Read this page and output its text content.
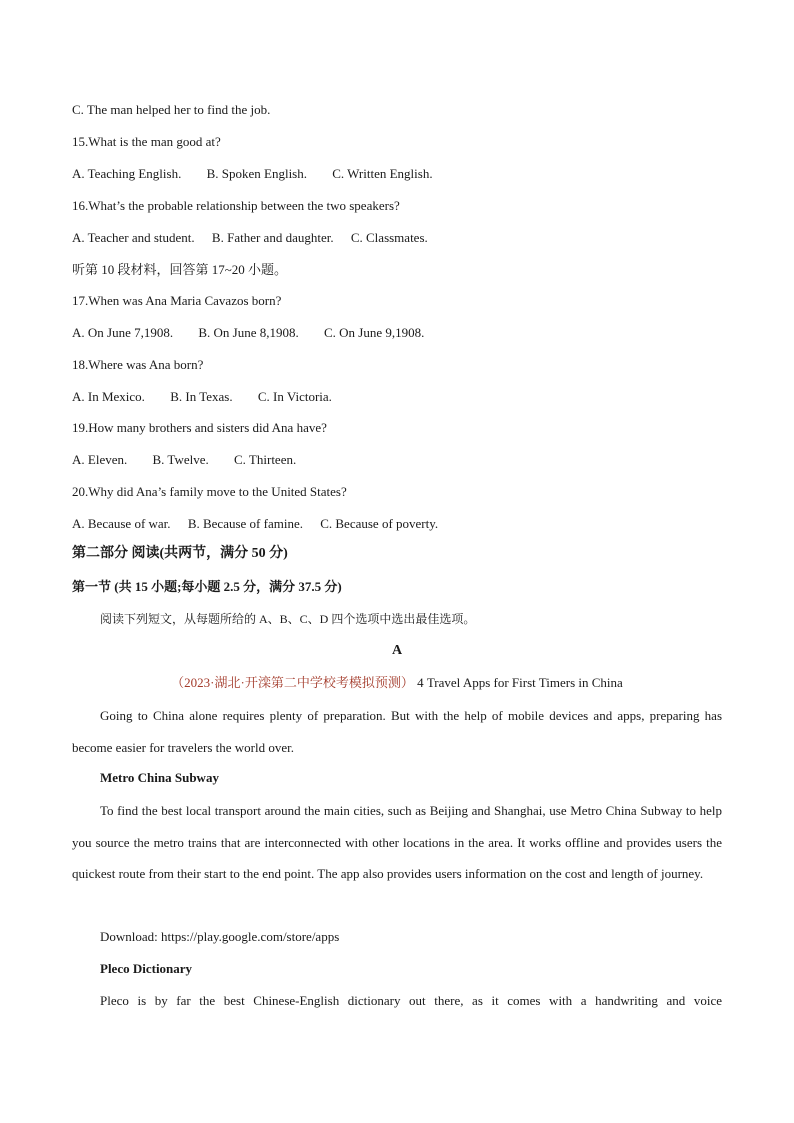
C. The man helped her to find the job.
15.What is the man good at?
A. Teaching English. B. Spoken English. C. Written English.
16.What’s the probable relationship between the two speakers?
A. Teacher and student. B. Father and daughter. C. Classmates.
听第 10 段材料，回答第 17~20 小题。
17.When was Ana Maria Cavazos born?
A. On June 7,1908. B. On June 8,1908. C. On June 9,1908.
18.Where was Ana born?
A. In Mexico. B. In Texas. C. In Victoria.
19.How many brothers and sisters did Ana have?
A. Eleven. B. Twelve. C. Thirteen.
20.Why did Ana’s family move to the United States?
A. Because of war. B. Because of famine. C. Because of poverty.
第二部分 阅读(共两节，满分 50 分)
第一节 (共 15 小题;每小题 2.5 分，满分 37.5 分)
阅读下列短文，从每题所给的 A、B、C、D 四个选项中选出最佳选项。
A
（2023·湖北·开滦第二中学校考模拟预测） 4 Travel Apps for First Timers in China
Going to China alone requires plenty of preparation. But with the help of mobile devices and apps, preparing has become easier for travelers the world over.
Metro China Subway
To find the best local transport around the main cities, such as Beijing and Shanghai, use Metro China Subway to help you source the metro trains that are interconnected with other locations in the area. It works offline and provides users the quickest route from their start to the end point. The app also provides users information on the cost and length of journey.
Download: https://play.google.com/store/apps
Pleco Dictionary
Pleco is by far the best Chinese-English dictionary out there, as it comes with a handwriting and voice
